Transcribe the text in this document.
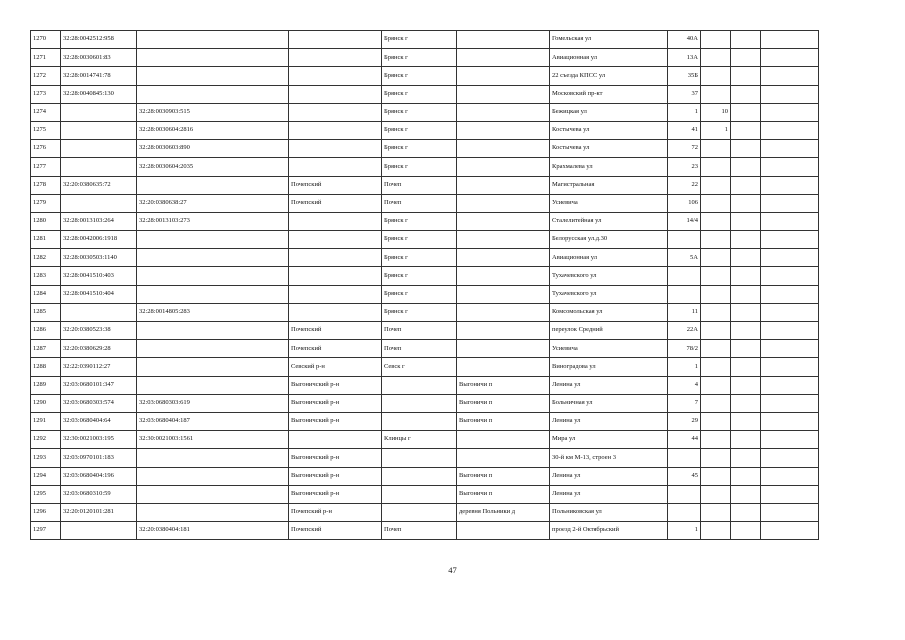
1270	32:28:0042512:958			Брянск г		Гомельская ул	40А			
1271	32:28:0030601:83			Брянск г		Авиационная ул	13А			
1272	32:28:0014741:78			Брянск г		22 съезда КПСС ул	35Б			
1273	32:28:0040845:130			Брянск г		Московский пр-кт	37			
1274		32:28:0030903:515		Брянск г		Бежицкая ул	1	10		
1275		32:28:0030604:2816		Брянск г		Костычева ул	41	1		
1276		32:28:0030603:890		Брянск г		Костычева ул	72			
1277		32:28:0030604:2035		Брянск г		Крахмалева ул	23			
1278	32:20:0380635:72		Почепский	Почеп		Магистральная	22			
1279		32:20:0380638:27	Почепский	Почеп		Усиевича	106			
1280	32:28:0013103:264	32:28:0013103:273		Брянск г		Сталелитейная ул	14/4			
1281	32:28:0042006:1918			Брянск г		Белорусская ул.д.30				
1282	32:28:0030503:1140			Брянск г		Авиационная ул	5А			
1283	32:28:0041510:403			Брянск г		Тухачевского ул				
1284	32:28:0041510:404			Брянск г		Тухачевского ул				
1285		32:28:0014805:283		Брянск г		Комсомольская ул	11			
1286	32:20:0380523:38		Почепский	Почеп		переулок Средний	22А			
1287	32:20:0380629:28		Почепский	Почеп		Усиевича	78/2			
1288	32:22:0390112:27		Севский р-н	Севск г		Виноградова ул	1			
1289	32:03:0680101:347		Выгоничский р-н		Выгоничи п	Ленина ул	4			
1290	32:03:0680303:574	32:03:0680303:619	Выгоничский р-н		Выгоничи п	Больничная ул	7			
1291	32:03:0680404:64	32:03:0680404:187	Выгоничский р-н		Выгоничи п	Ленина ул	29			
1292	32:30:0021003:195	32:30:0021003:1561		Клинцы г		Мира ул	44			
1293	32:03:0970101:183		Выгоничский р-н			30-й км М-13, строен 3				
1294	32:03:0680404:196		Выгоничский р-н		Выгоничи п	Ленина ул	45			
1295	32:03:0680310:59		Выгоничский р-н		Выгоничи п	Ленина ул				
1296	32:20:0120101:281		Почепский р-н		деревня Польники д	Польниковская ул				
1297		32:20:0380404:181	Почепский	Почеп		проезд 2-й Октябрьский	1			
47
